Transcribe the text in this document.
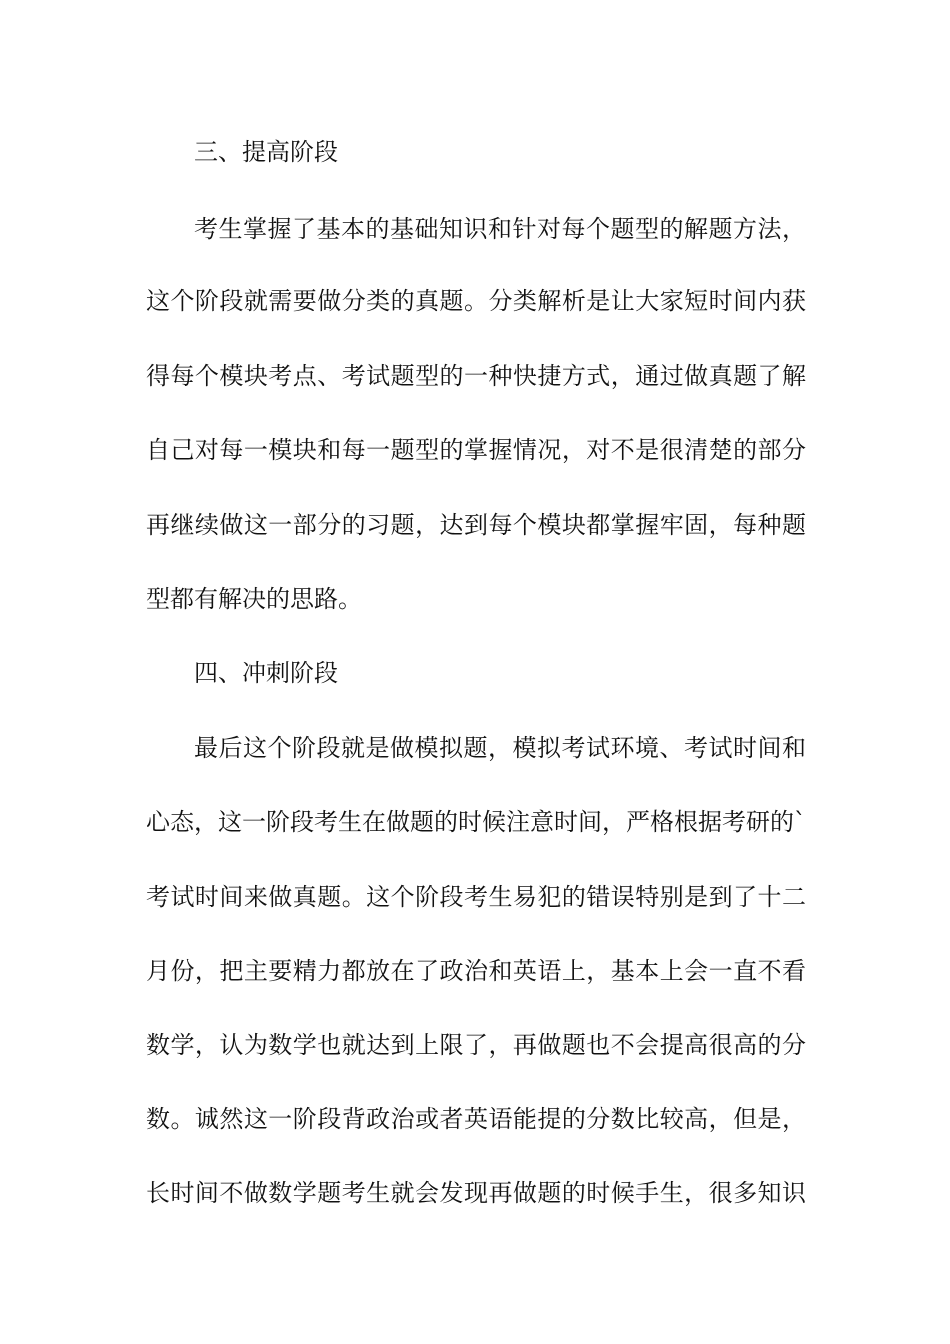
三、提高阶段
考生掌握了基本的基础知识和针对每个题型的解题方法，
这个阶段就需要做分类的真题。分类解析是让大家短时间内获
得每个模块考点、考试题型的一种快捷方式，通过做真题了解
自己对每一模块和每一题型的掌握情况，对不是很清楚的部分
再继续做这一部分的习题，达到每个模块都掌握牢固，每种题
型都有解决的思路。
四、冲刺阶段
最后这个阶段就是做模拟题，模拟考试环境、考试时间和
心态，这一阶段考生在做题的时候注意时间，严格根据考研的`
考试时间来做真题。这个阶段考生易犯的错误特别是到了十二
月份，把主要精力都放在了政治和英语上，基本上会一直不看
数学，认为数学也就达到上限了，再做题也不会提高很高的分
数。诚然这一阶段背政治或者英语能提的分数比较高，但是，
长时间不做数学题考生就会发现再做题的时候手生，很多知识
